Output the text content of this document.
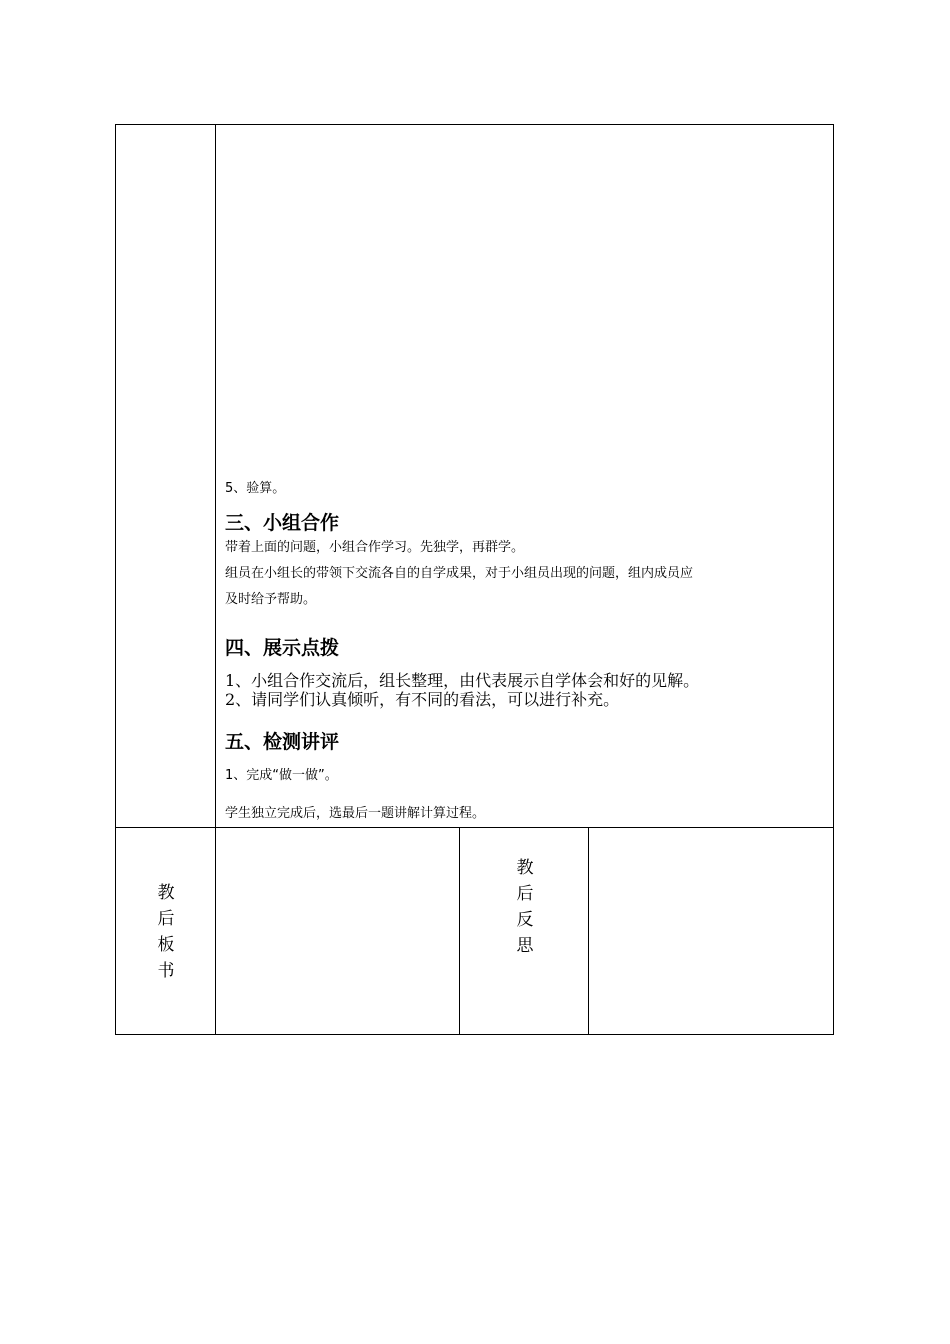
5、验算。
三、小组合作
带着上面的问题，小组合作学习。先独学，再群学。
组员在小组长的带领下交流各自的自学成果，对于小组员出现的问题，组内成员应
及时给予帮助。
四、展示点拨
1、小组合作交流后，组长整理，由代表展示自学体会和好的见解。
2、请同学们认真倾听，有不同的看法，可以进行补充。
五、检测讲评
1、完成“做一做”。
学生独立完成后，选最后一题讲解计算过程。
教
后
板
书
教
后
反
思
